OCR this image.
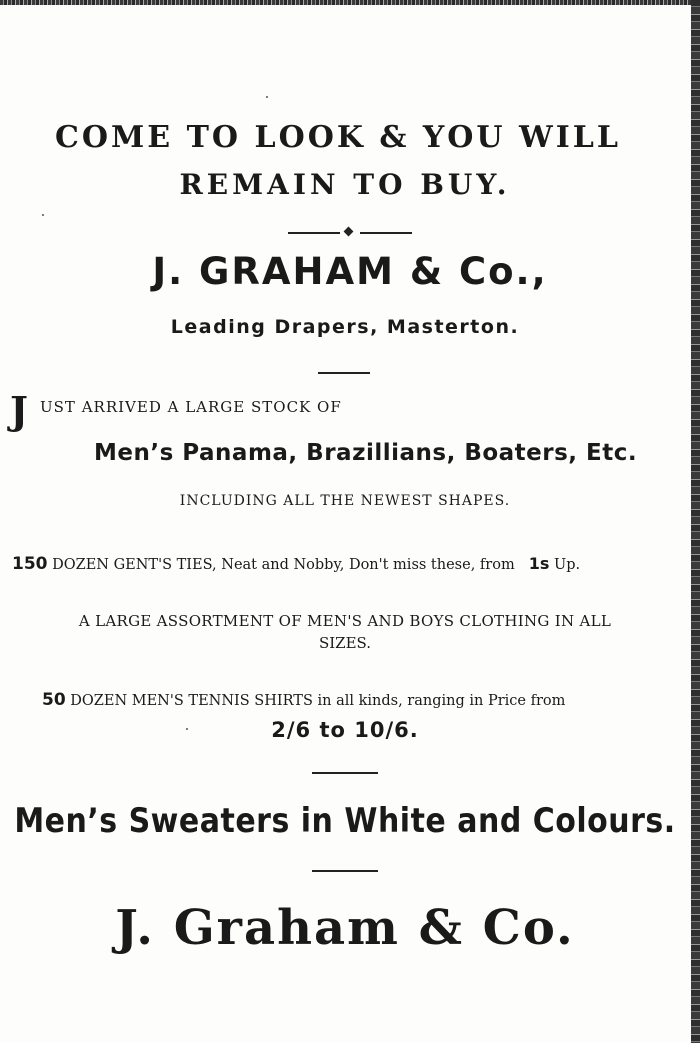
COME TO LOOK & YOU WILL
REMAIN TO BUY.
J. GRAHAM & Co.,
Leading Drapers, Masterton.
J UST ARRIVED A LARGE STOCK OF
Men’s Panama, Brazillians, Boaters, Etc.
INCLUDING ALL THE NEWEST SHAPES.
150 DOZEN GENT'S TIES, Neat and Nobby, Don't miss these, from 1s Up.
A LARGE ASSORTMENT OF MEN'S AND BOYS CLOTHING IN ALL
SIZES.
50 DOZEN MEN'S TENNIS SHIRTS in all kinds, ranging in Price from
2/6 to 10/6.
Men’s Sweaters in White and Colours.
J. Graham & Co.
